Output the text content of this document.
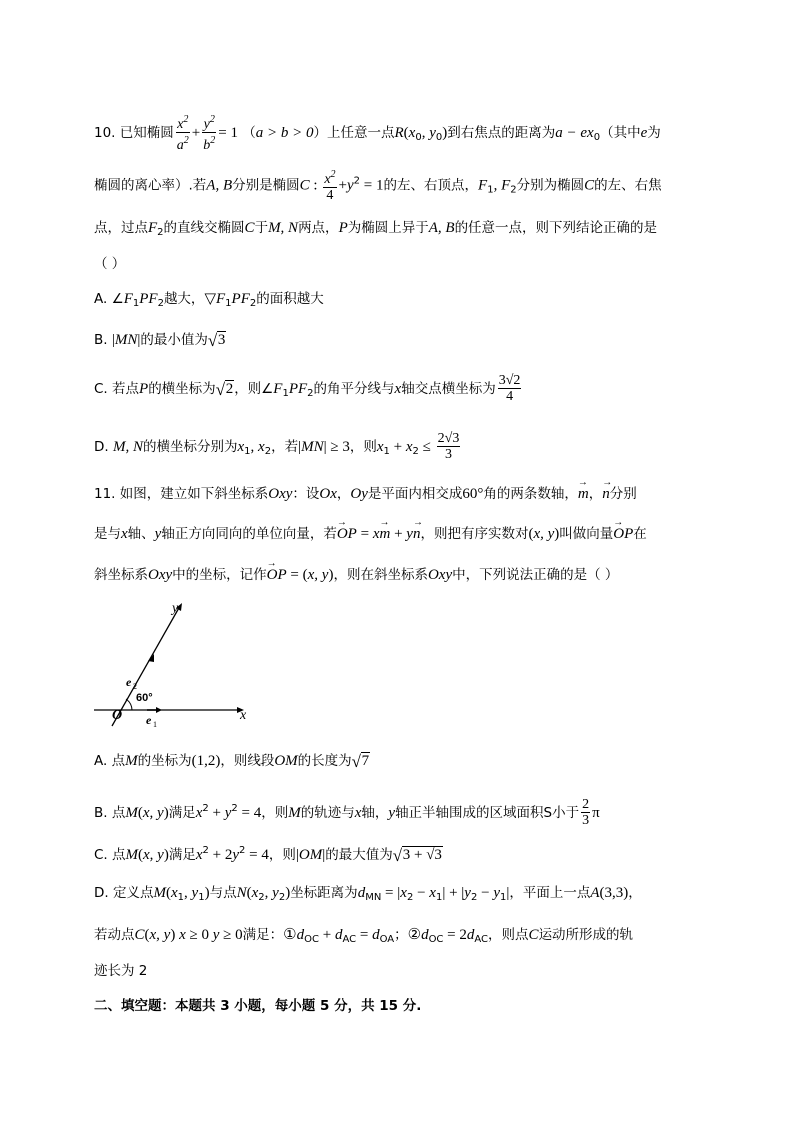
10. 已知椭圆 $\frac{x^2}{a^2} + \frac{y^2}{b^2} = 1$ （a > b > 0）上任意一点$R(x_0$, $y_0$)到右焦点的距离为$a - ex_0$（其中e为
椭圆的离心率）.若A, B分别是椭圆C : $\frac{x^2}{4} +y^2 = 1$的左、右顶点，$F_1$, $F_2$分别为椭圆C的左、右焦
点，过点$F_2$的直线交椭圆C于M, N两点，P为椭圆上异于A, B的任意一点，则下列结论正确的是
（ ）
A. $\angle F_1PF_2$越大，$▽F_1PF_2$的面积越大
B. |MN|的最小值为 √ 3
C. 若点P的横坐标为 √ 2，则$\angle F_1PF_2$的角平分线与x轴交点横坐标为 $\frac{3√2}{4}$
D. M, N的横坐标分别为$x_1$, $x_2$，若|MN| ≥ 3，则$x_1 + x_2 \le \frac{2√3}{3}$
11. 如图，建立如下斜坐标系Oxy：设Ox，Oy是平面内相交成60°角的两条数轴，→ m，→ n分别
是与x轴、y轴正方向同向的单位向量，若→ OP = x→ m + y→ n，则把有序实数对(x, y)叫做向量→ OP在
斜坐标系Oxy中的坐标，记作→ OP = (x, y)，则在斜坐标系Oxy中，下列说法正确的是（ ）
y
x
O
60°
e 1
e 2
A. 点M的坐标为(1,2)，则线段OM的长度为 √ 7
B. 点M(x, y)满足$x^2 + y^2 = 4$，则M的轨迹与x轴，y轴正半轴围成的区域面积S小于 $\frac{2}{3}$ π
C. 点M(x, y)满足$x^2 + 2y^2 = 4$，则|OM|的最大值为 √ 3 + √3
D. 定义点$M(x_1$, $y_1$)与点$N(x_2$, $y_2$)坐标距离为$d_{MN} = |x_2 - x_1| + |y_2 - y_1|$，平面上一点A(3,3)，
若动点C(x, y) x ≥ 0 y ≥ 0满足：$①d_{OC} + d_{AC} = d_{OA}$；$②d_{OC} = 2d_{AC}$，则点C运动所形成的轨
迹长为 2
二、填空题：本题共 3 小题，每小题 5 分，共 15 分.
